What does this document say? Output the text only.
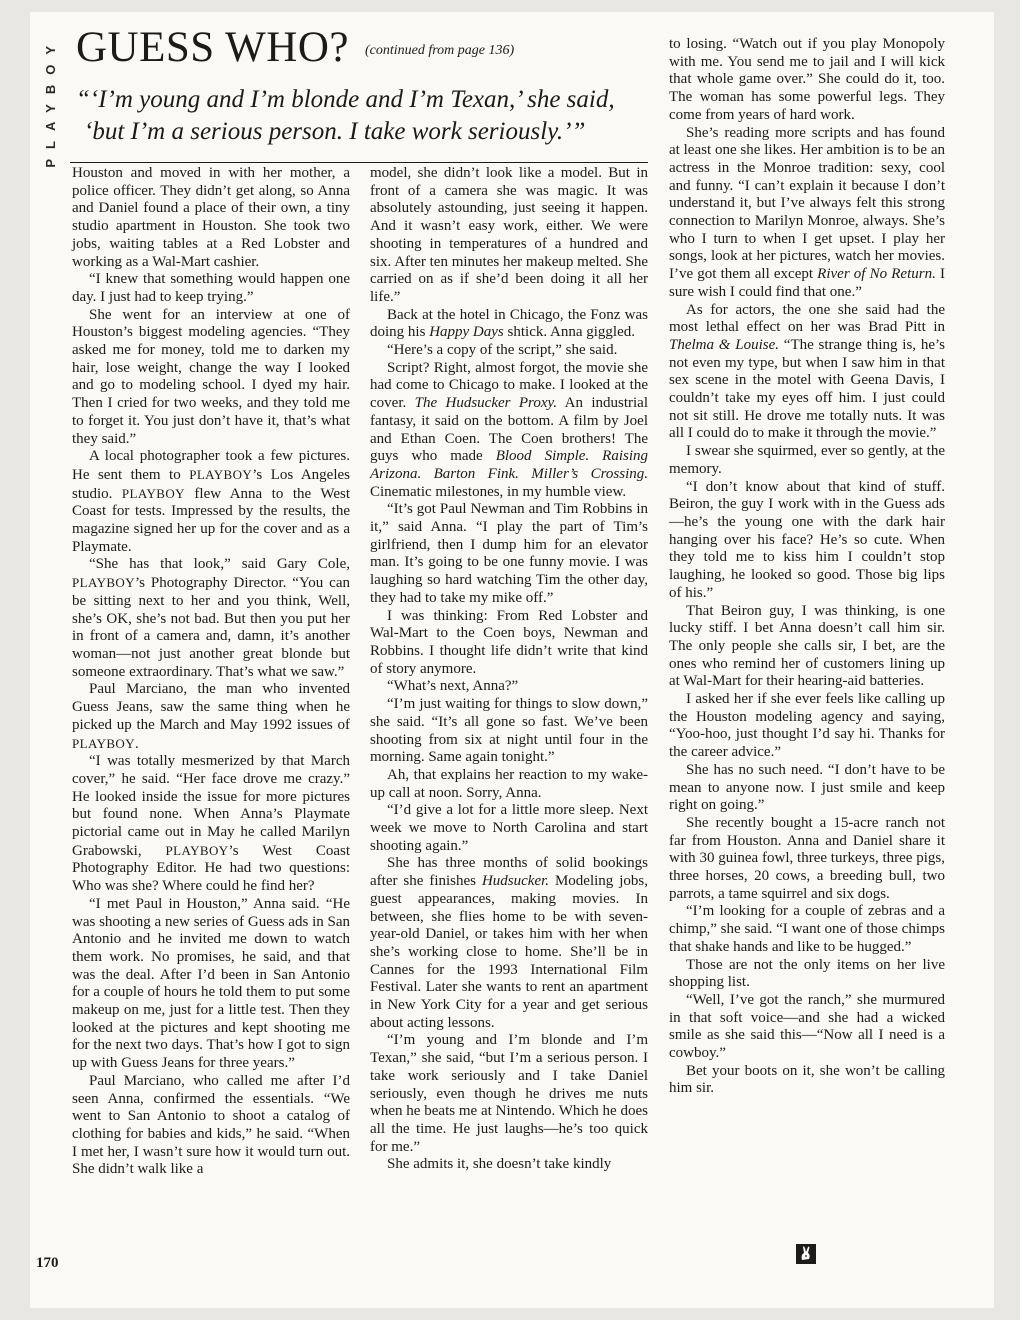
PLAYBOY GUESS WHO? (continued from page 136)
“‘I’m young and I’m blonde and I’m Texan,’ she said,
‘but I’m a serious person. I take work seriously.’”

Houston and moved in with her mother, a police officer. They didn’t get along, so Anna and Daniel found a place of their own, a tiny studio apartment in Houston. She took two jobs, waiting tables at a Red Lobster and working as a Wal-Mart cashier.

“I knew that something would happen one day. I just had to keep trying.”

She went for an interview at one of Houston’s biggest modeling agencies. “They asked me for money, told me to darken my hair, lose weight, change the way I looked and go to modeling school. I dyed my hair. Then I cried for two weeks, and they told me to forget it. You just don’t have it, that’s what they said.”

A local photographer took a few pictures. He sent them to PLAYBOY’s Los Angeles studio. PLAYBOY flew Anna to the West Coast for tests. Impressed by the results, the magazine signed her up for the cover and as a Playmate.

“She has that look,” said Gary Cole, PLAYBOY’s Photography Director. “You can be sitting next to her and you think, Well, she’s OK, she’s not bad. But then you put her in front of a camera and, damn, it’s another woman—not just another great blonde but someone extraordinary. That’s what we saw.”

Paul Marciano, the man who invented Guess Jeans, saw the same thing when he picked up the March and May 1992 issues of PLAYBOY.

“I was totally mesmerized by that March cover,” he said. “Her face drove me crazy.” He looked inside the issue for more pictures but found none. When Anna’s Playmate pictorial came out in May he called Marilyn Grabowski, PLAYBOY’s West Coast Photography Editor. He had two questions: Who was she? Where could he find her?

“I met Paul in Houston,” Anna said. “He was shooting a new series of Guess ads in San Antonio and he invited me down to watch them work. No promises, he said, and that was the deal. After I’d been in San Antonio for a couple of hours he told them to put some makeup on me, just for a little test. Then they looked at the pictures and kept shooting me for the next two days. That’s how I got to sign up with Guess Jeans for three years.”

Paul Marciano, who called me after I’d seen Anna, confirmed the essentials. “We went to San Antonio to shoot a catalog of clothing for babies and kids,” he said. “When I met her, I wasn’t sure how it would turn out. She didn’t walk like a

model, she didn’t look like a model. But in front of a camera she was magic. It was absolutely astounding, just seeing it happen. And it wasn’t easy work, either. We were shooting in temperatures of a hundred and six. After ten minutes her makeup melted. She carried on as if she’d been doing it all her life.”

Back at the hotel in Chicago, the Fonz was doing his Happy Days shtick. Anna giggled.

“Here’s a copy of the script,” she said.

Script? Right, almost forgot, the movie she had come to Chicago to make. I looked at the cover. The Hudsucker Proxy. An industrial fantasy, it said on the bottom. A film by Joel and Ethan Coen. The Coen brothers! The guys who made Blood Simple. Raising Arizona. Barton Fink. Miller’s Crossing. Cinematic milestones, in my humble view.

“It’s got Paul Newman and Tim Robbins in it,” said Anna. “I play the part of Tim’s girlfriend, then I dump him for an elevator man. It’s going to be one funny movie. I was laughing so hard watching Tim the other day, they had to take my mike off.”

I was thinking: From Red Lobster and Wal-Mart to the Coen boys, Newman and Robbins. I thought life didn’t write that kind of story anymore.

“What’s next, Anna?”

“I’m just waiting for things to slow down,” she said. “It’s all gone so fast. We’ve been shooting from six at night until four in the morning. Same again tonight.”

Ah, that explains her reaction to my wake-up call at noon. Sorry, Anna.

“I’d give a lot for a little more sleep. Next week we move to North Carolina and start shooting again.”

She has three months of solid bookings after she finishes Hudsucker. Modeling jobs, guest appearances, making movies. In between, she flies home to be with seven-year-old Daniel, or takes him with her when she’s working close to home. She’ll be in Cannes for the 1993 International Film Festival. Later she wants to rent an apartment in New York City for a year and get serious about acting lessons.

“I’m young and I’m blonde and I’m Texan,” she said, “but I’m a serious person. I take work seriously and I take Daniel seriously, even though he drives me nuts when he beats me at Nintendo. Which he does all the time. He just laughs—he’s too quick for me.”

She admits it, she doesn’t take kindly

to losing. “Watch out if you play Monopoly with me. You send me to jail and I will kick that whole game over.” She could do it, too. The woman has some powerful legs. They come from years of hard work.

She’s reading more scripts and has found at least one she likes. Her ambition is to be an actress in the Monroe tradition: sexy, cool and funny. “I can’t explain it because I don’t understand it, but I’ve always felt this strong connection to Marilyn Monroe, always. She’s who I turn to when I get upset. I play her songs, look at her pictures, watch her movies. I’ve got them all except River of No Return. I sure wish I could find that one.”

As for actors, the one she said had the most lethal effect on her was Brad Pitt in Thelma & Louise. “The strange thing is, he’s not even my type, but when I saw him in that sex scene in the motel with Geena Davis, I couldn’t take my eyes off him. I just could not sit still. He drove me totally nuts. It was all I could do to make it through the movie.”

I swear she squirmed, ever so gently, at the memory.

“I don’t know about that kind of stuff. Beiron, the guy I work with in the Guess ads—he’s the young one with the dark hair hanging over his face? He’s so cute. When they told me to kiss him I couldn’t stop laughing, he looked so good. Those big lips of his.”

That Beiron guy, I was thinking, is one lucky stiff. I bet Anna doesn’t call him sir. The only people she calls sir, I bet, are the ones who remind her of customers lining up at Wal-Mart for their hearing-aid batteries.

I asked her if she ever feels like calling up the Houston modeling agency and saying, “Yoo-hoo, just thought I’d say hi. Thanks for the career advice.”

She has no such need. “I don’t have to be mean to anyone now. I just smile and keep right on going.”

She recently bought a 15-acre ranch not far from Houston. Anna and Daniel share it with 30 guinea fowl, three turkeys, three pigs, three horses, 20 cows, a breeding bull, two parrots, a tame squirrel and six dogs.

“I’m looking for a couple of zebras and a chimp,” she said. “I want one of those chimps that shake hands and like to be hugged.”

Those are not the only items on her live shopping list.

“Well, I’ve got the ranch,” she murmured in that soft voice—and she had a wicked smile as she said this—“Now all I need is a cowboy.”

Bet your boots on it, she won’t be calling him sir.

170
